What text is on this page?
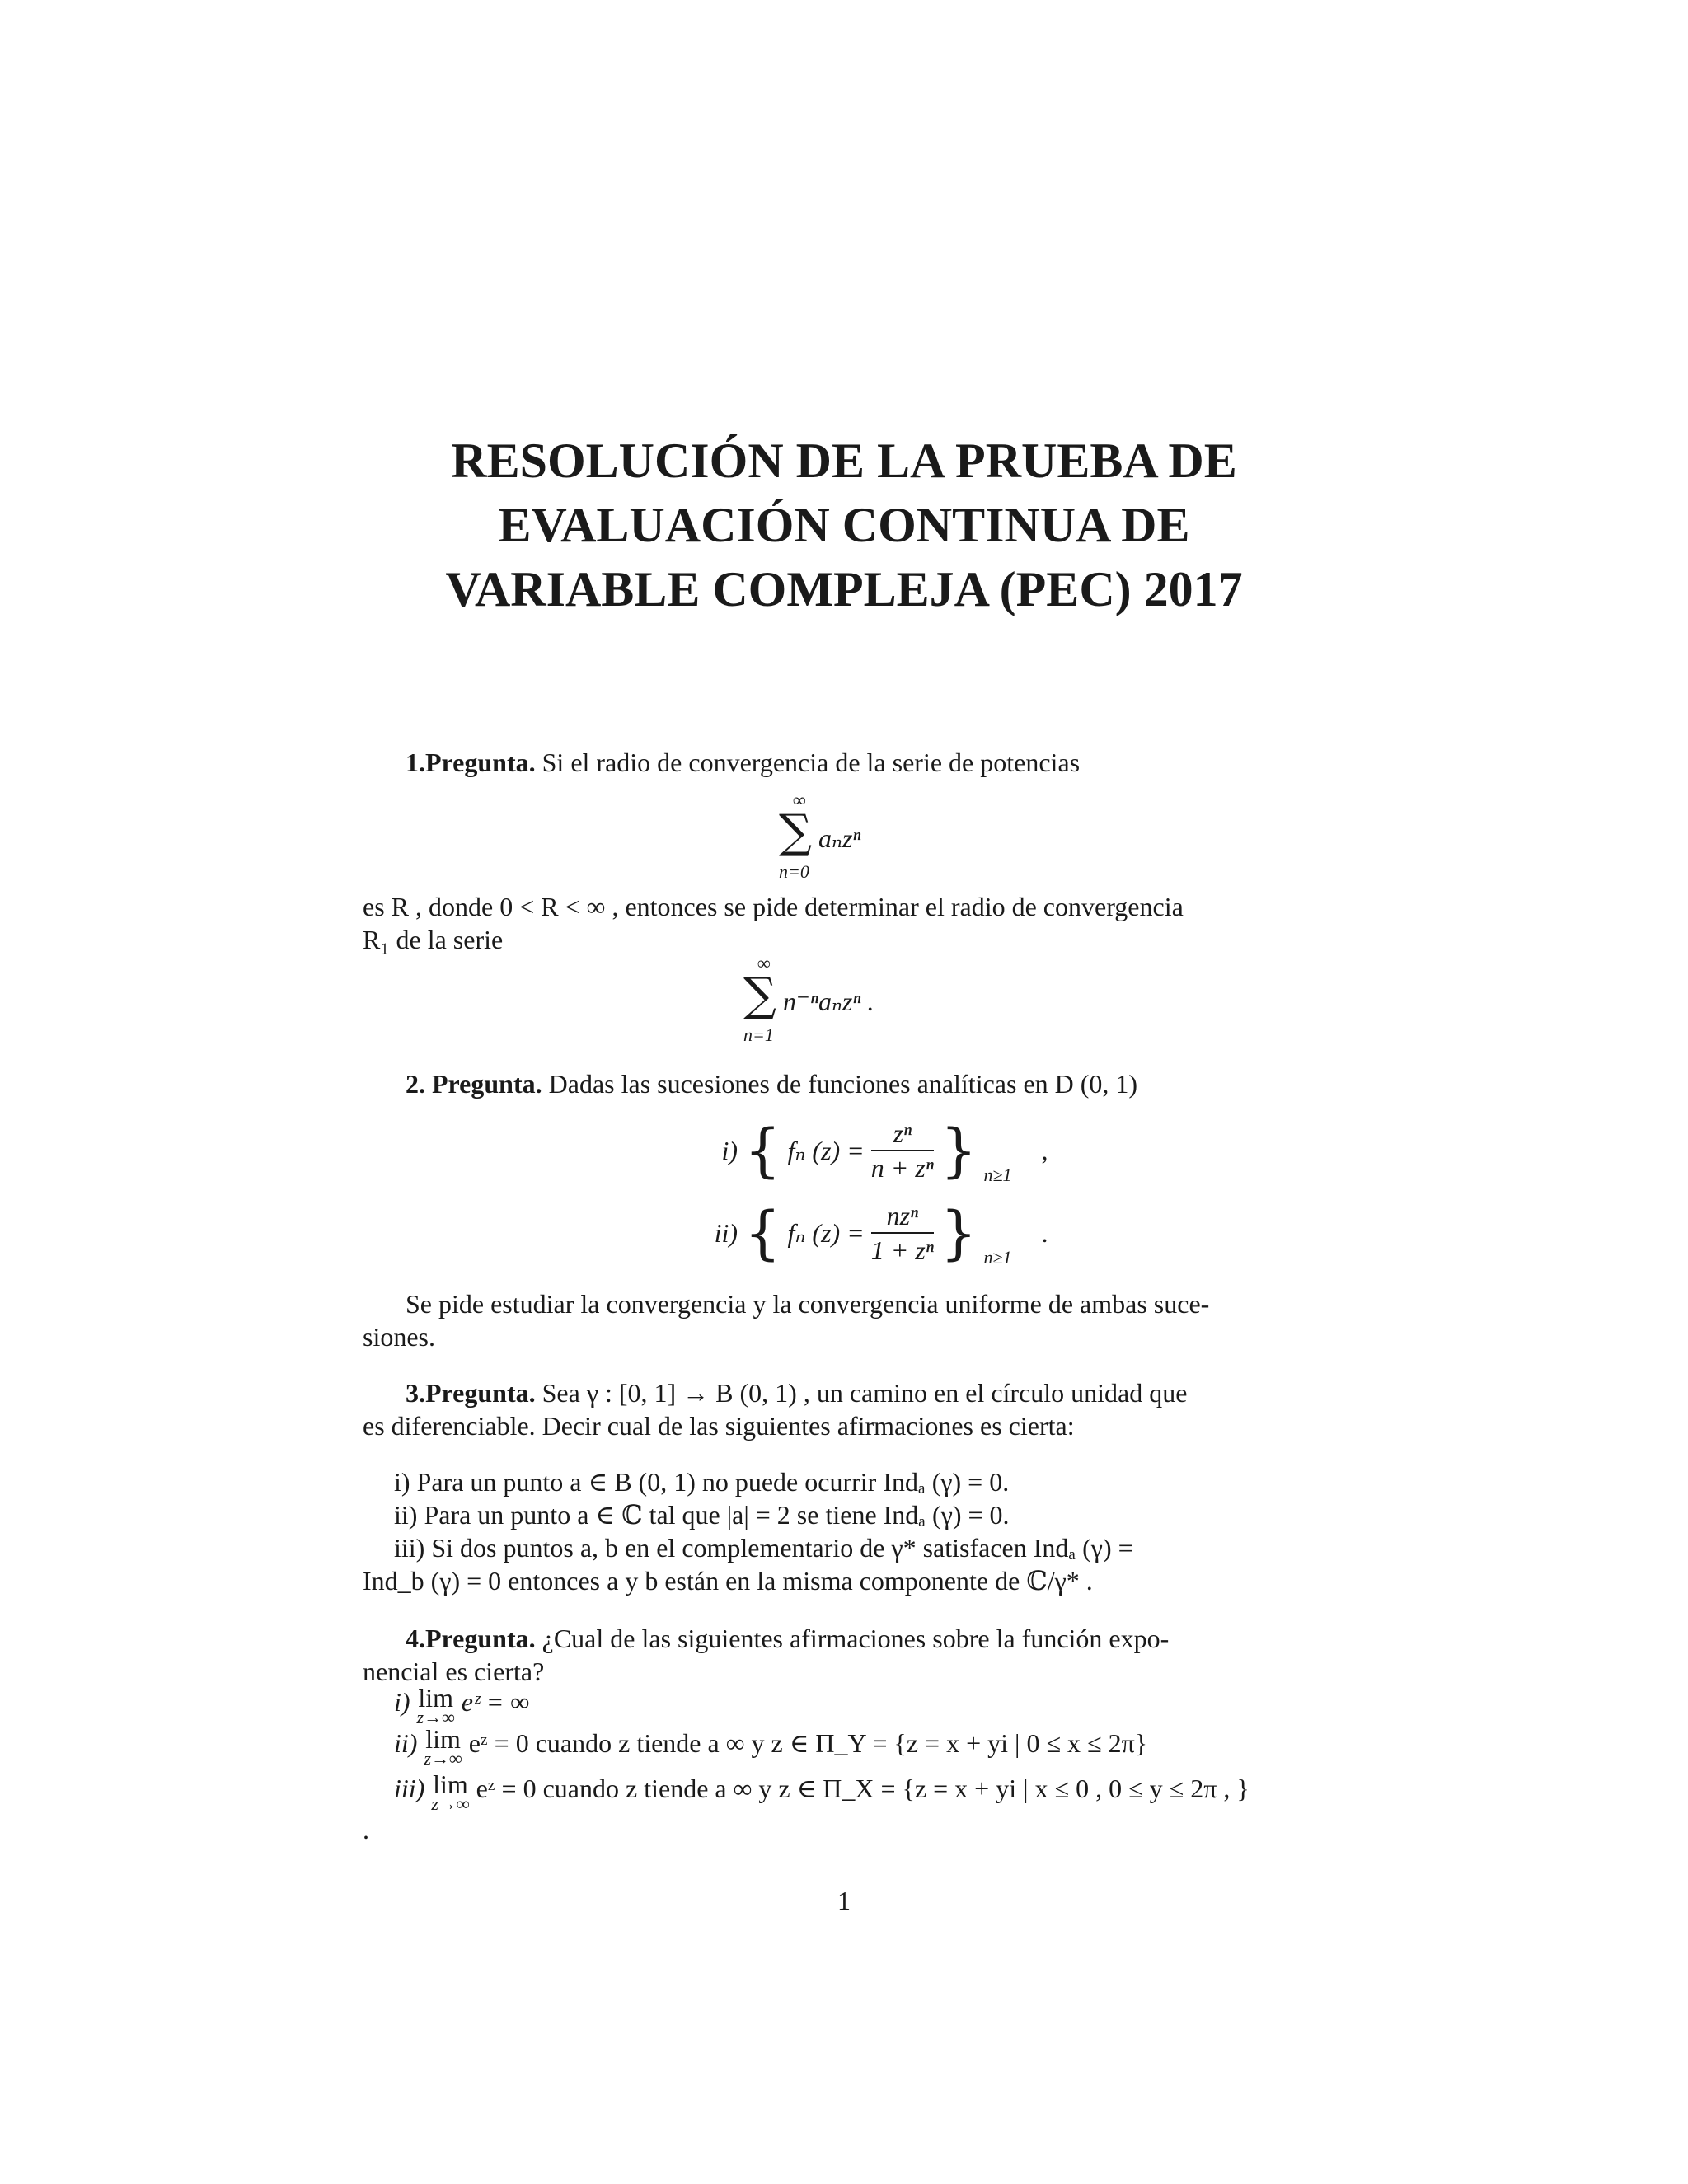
RESOLUCIÓN DE LA PRUEBA DE
EVALUACIÓN CONTINUA DE
VARIABLE COMPLEJA (PEC) 2017
1.Pregunta. Si el radio de convergencia de la serie de potencias
∞
∑ aₙzⁿ
n=0
es R , donde 0 < R < ∞ , entonces se pide determinar el radio de convergencia
R₁ de la serie
∞
∑ n⁻ⁿaₙzⁿ .
n=1
2. Pregunta. Dadas las sucesiones de funciones analíticas en D (0, 1)
i) { fₙ $(z) = \frac{\text{zⁿ}}{\text{n + zⁿ}}$ } $_{n\ge 1}$ ,
ii) { fₙ $(z) = \frac{\text{nzⁿ}}{\text{1 + zⁿ}}$ } $_{n\ge 1}$ .
Se pide estudiar la convergencia y la convergencia uniforme de ambas suce-
siones.
3.Pregunta. Sea γ : [0, 1] → B (0, 1) , un camino en el círculo unidad que
es diferenciable. Decir cual de las siguientes afirmaciones es cierta:
i) Para un punto a ∈ B (0, 1) no puede ocurrir Indₐ (γ) = 0.
ii) Para un punto a ∈ ℂ tal que |a| = 2 se tiene Indₐ (γ) = 0.
iii) Si dos puntos a, b en el complementario de γ* satisfacen Indₐ (γ) =
Ind_b (γ) = 0 entonces a y b están en la misma componente de ℂ/γ* .
4.Pregunta. ¿Cual de las siguientes afirmaciones sobre la función expo-
nencial es cierta?
i) lim
z→∞
eᶻ = ∞
ii) lim
z→∞
eᶻ = 0 cuando z tiende a ∞ y z ∈ Π_Y = {z = x + yi | 0 ≤ x ≤ 2π}
iii) lim
z→∞
eᶻ = 0 cuando z tiende a ∞ y z ∈ Π_X = {z = x + yi | x ≤ 0 , 0 ≤ y ≤ 2π , }
.
1
